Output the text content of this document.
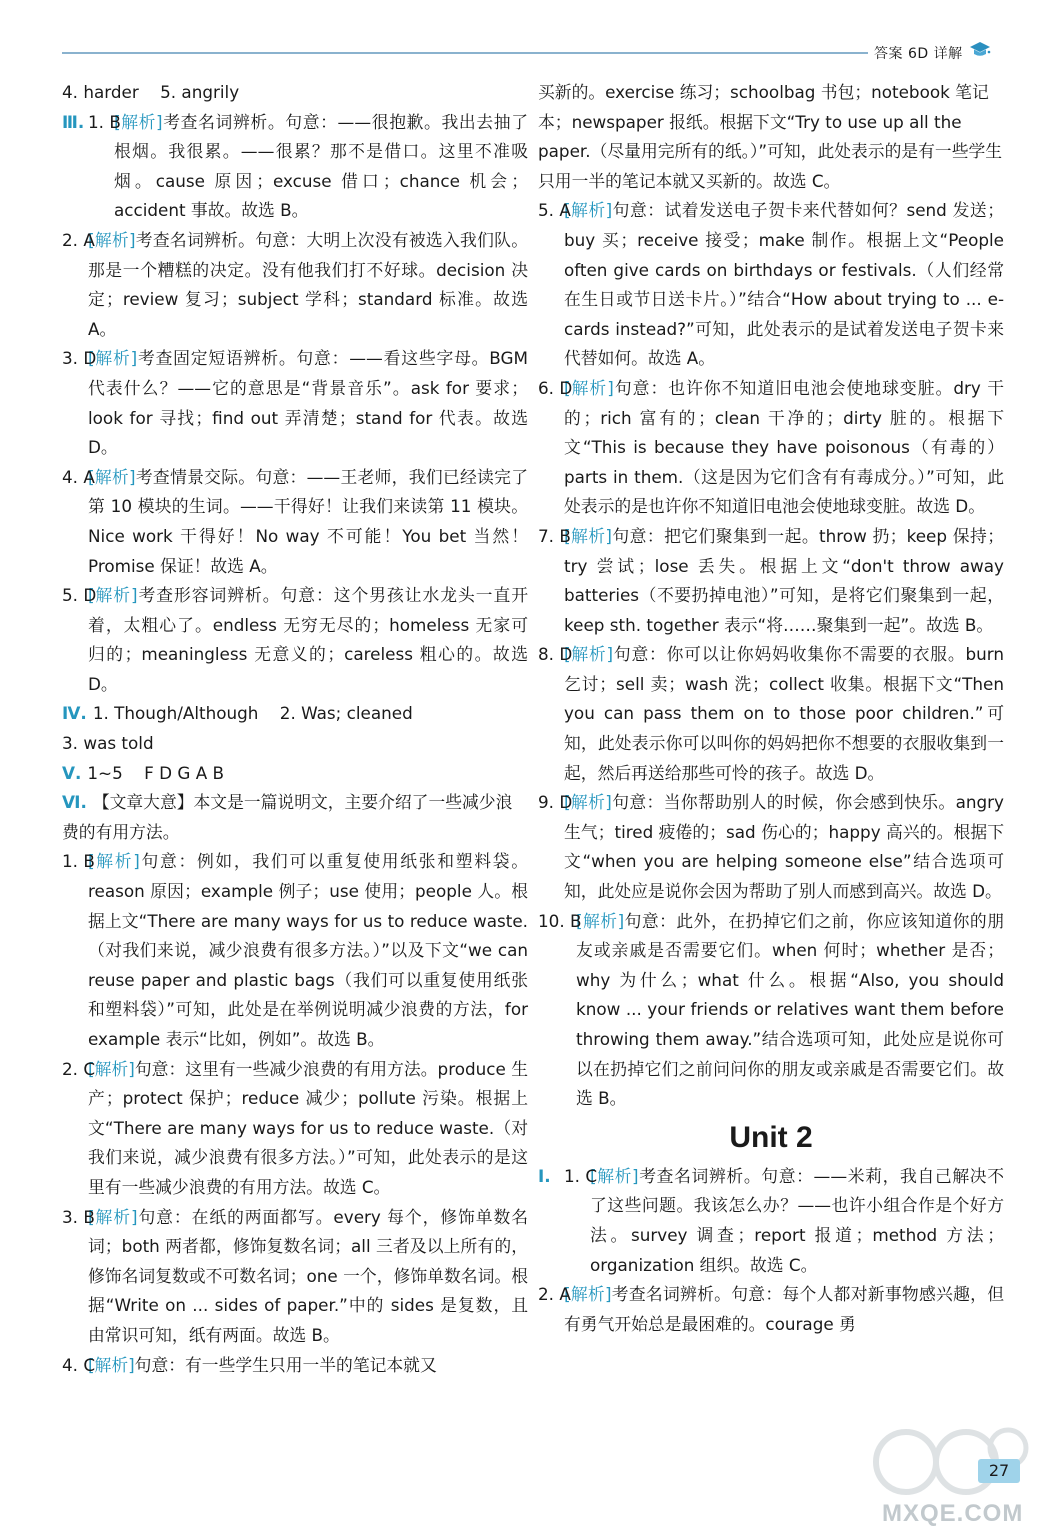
答案 6D 详解
4. harder    5. angrily
Ⅲ. 1. B
[解析]考查名词辨析。句意：——很抱歉。我出去抽了根烟。我很累。——很累？那不是借口。这里不准吸烟。cause 原因；excuse 借口；chance 机会；accident 事故。故选 B。
2. A
[解析]考查名词辨析。句意：大明上次没有被选入我们队。那是一个糟糕的决定。没有他我们打不好球。decision 决定；review 复习；subject 学科；standard 标准。故选 A。
3. D
[解析]考查固定短语辨析。句意：——看这些字母。BGM 代表什么？——它的意思是“背景音乐”。ask for 要求；look for 寻找；find out 弄清楚；stand for 代表。故选 D。
4. A
[解析]考查情景交际。句意：——王老师，我们已经读完了第 10 模块的生词。——干得好！让我们来读第 11 模块。Nice work 干得好！No way 不可能！You bet 当然！Promise 保证！故选 A。
5. D
[解析]考查形容词辨析。句意：这个男孩让水龙头一直开着，太粗心了。endless 无穷无尽的；homeless 无家可归的；meaningless 无意义的；careless 粗心的。故选 D。
Ⅳ. 1. Though/Although    2. Was; cleaned
3. was told
Ⅴ. 1~5    F D G A B
Ⅵ. 【文章大意】本文是一篇说明文，主要介绍了一些减少浪费的有用方法。
1. B
[解析]句意：例如，我们可以重复使用纸张和塑料袋。reason 原因；example 例子；use 使用；people 人。根据上文“There are many ways for us to reduce waste.（对我们来说，减少浪费有很多方法。）”以及下文“we can reuse paper and plastic bags（我们可以重复使用纸张和塑料袋）”可知，此处是在举例说明减少浪费的方法，for example 表示“比如，例如”。故选 B。
2. C
[解析]句意：这里有一些减少浪费的有用方法。produce 生产；protect 保护；reduce 减少；pollute 污染。根据上文“There are many ways for us to reduce waste.（对我们来说，减少浪费有很多方法。）”可知，此处表示的是这里有一些减少浪费的有用方法。故选 C。
3. B
[解析]句意：在纸的两面都写。every 每个，修饰单数名词；both 两者都，修饰复数名词；all 三者及以上所有的，修饰名词复数或不可数名词；one 一个，修饰单数名词。根据“Write on ... sides of paper.”中的 sides 是复数，且由常识可知，纸有两面。故选 B。
4. C
[解析]句意：有一些学生只用一半的笔记本就又
买新的。exercise 练习；schoolbag 书包；notebook 笔记本；newspaper 报纸。根据下文“Try to use up all the paper.（尽量用完所有的纸。）”可知，此处表示的是有一些学生只用一半的笔记本就又买新的。故选 C。
5. A
[解析]句意：试着发送电子贺卡来代替如何？send 发送；buy 买；receive 接受；make 制作。根据上文“People often give cards on birthdays or festivals.（人们经常在生日或节日送卡片。）”结合“How about trying to ... e-cards instead?”可知，此处表示的是试着发送电子贺卡来代替如何。故选 A。
6. D
[解析]句意：也许你不知道旧电池会使地球变脏。dry 干的；rich 富有的；clean 干净的；dirty 脏的。根据下文“This is because they have poisonous（有毒的）parts in them.（这是因为它们含有有毒成分。）”可知，此处表示的是也许你不知道旧电池会使地球变脏。故选 D。
7. B
[解析]句意：把它们聚集到一起。throw 扔；keep 保持；try 尝试；lose 丢失。根据上文“don't throw away batteries（不要扔掉电池）”可知，是将它们聚集到一起，keep sth. together 表示“将……聚集到一起”。故选 B。
8. D
[解析]句意：你可以让你妈妈收集你不需要的衣服。burn 乞讨；sell 卖；wash 洗；collect 收集。根据下文“Then you can pass them on to those poor children.”可知，此处表示你可以叫你的妈妈把你不想要的衣服收集到一起，然后再送给那些可怜的孩子。故选 D。
9. D
[解析]句意：当你帮助别人的时候，你会感到快乐。angry 生气；tired 疲倦的；sad 伤心的；happy 高兴的。根据下文“when you are helping someone else”结合选项可知，此处应是说你会因为帮助了别人而感到高兴。故选 D。
10. B
[解析]句意：此外，在扔掉它们之前，你应该知道你的朋友或亲戚是否需要它们。when 何时；whether 是否；why 为什么；what 什么。根据“Also, you should know ... your friends or relatives want them before throwing them away.”结合选项可知，此处应是说你可以在扔掉它们之前问问你的朋友或亲戚是否需要它们。故选 B。
Unit 2
Ⅰ. 1. C
[解析]考查名词辨析。句意：——米莉，我自己解决不了这些问题。我该怎么办？——也许小组合作是个好方法。survey 调查；report 报道；method 方法；organization 组织。故选 C。
2. A
[解析]考查名词辨析。句意：每个人都对新事物感兴趣，但有勇气开始总是最困难的。courage 勇
MXQE.COM
27
